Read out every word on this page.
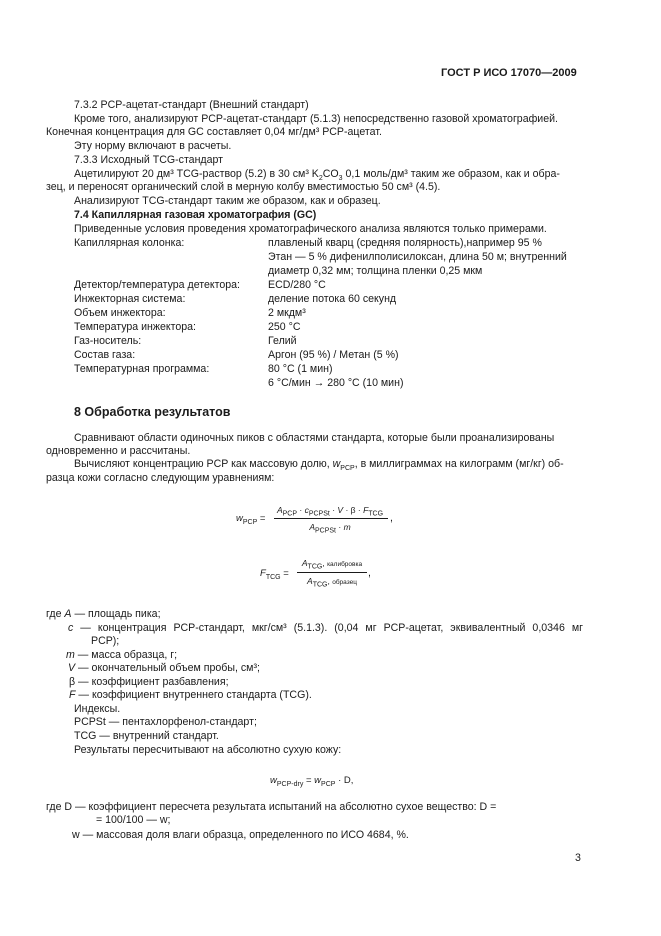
ГОСТ Р ИСО 17070—2009
7.3.2 PCP-ацетат-стандарт (Внешний стандарт)
Кроме того, анализируют PCP-ацетат-стандарт (5.1.3) непосредственно газовой хроматографией.
Конечная концентрация для GC составляет 0,04 мг/дм³ PCP-ацетат.
Эту норму включают в расчеты.
7.3.3 Исходный TCG-стандарт
Ацетилируют 20 дм³ TCG-раствор (5.2) в 30 см³ $K_2CO_3$ 0,1 моль/дм³ таким же образом, как и обра-
зец, и переносят органический слой в мерную колбу вместимостью 50 см³ (4.5).
Анализируют TCG-стандарт таким же образом, как и образец.
7.4 Капиллярная газовая хроматография (GC)
Приведенные условия проведения хроматографического анализа являются только примерами.
Капиллярная колонка:	плавленый кварц (средняя полярность),например 95 %
Этан — 5 % дифенилполисилоксан, длина 50 м; внутренний
диаметр 0,32 мм; толщина пленки 0,25 мкм
Детектор/температура детектора:	ECD/280 °C
Инжекторная система:	деление потока 60 секунд
Объем инжектора:	2 мкдм³
Температура инжектора:	250 °C
Газ-носитель:	Гелий
Состав газа:	Аргон (95 %) / Метан (5 %)
Температурная программа:	80 °C (1 мин)
6 °C/мин → 280 °C (10 мин)
8 Обработка результатов
Сравнивают области одиночных пиков с областями стандарта, которые были проанализированы
одновременно и рассчитаны.
Вычисляют концентрацию PCP как массовую долю, $w_{PCP}$, в миллиграммах на килограмм (мг/кг) об-
разца кожи согласно следующим уравнениям:
$w_{PCP}$ =
$A_{PCP} \cdot c_{PCPSt} \cdot V \cdot \beta \cdot F_{TCG}$
$A_{PCPSt} \cdot m$
,
$F_{TCG}$ =
$A_{TCG}$, калибровка
$A_{TCG}$, образец
,
где A — площадь пика;
c — концентрация PCP-стандарт, мкг/см³ (5.1.3). (0,04 мг PCP-ацетат, эквивалентный 0,0346 мг
PCP);
m — масса образца, г;
V — окончательный объем пробы, см³;
β — коэффициент разбавления;
F — коэффициент внутреннего стандарта (TCG).
Индексы.
PCPSt — пентахлорфенол-стандарт;
TCG — внутренний стандарт.
Результаты пересчитывают на абсолютно сухую кожу:
$w_{PCP-dry} = w_{PCP} \cdot D$,
где D — коэффициент пересчета результата испытаний на абсолютно сухое вещество: D =
= 100/100 — w;
w — массовая доля влаги образца, определенного по ИСО 4684, %.
3
